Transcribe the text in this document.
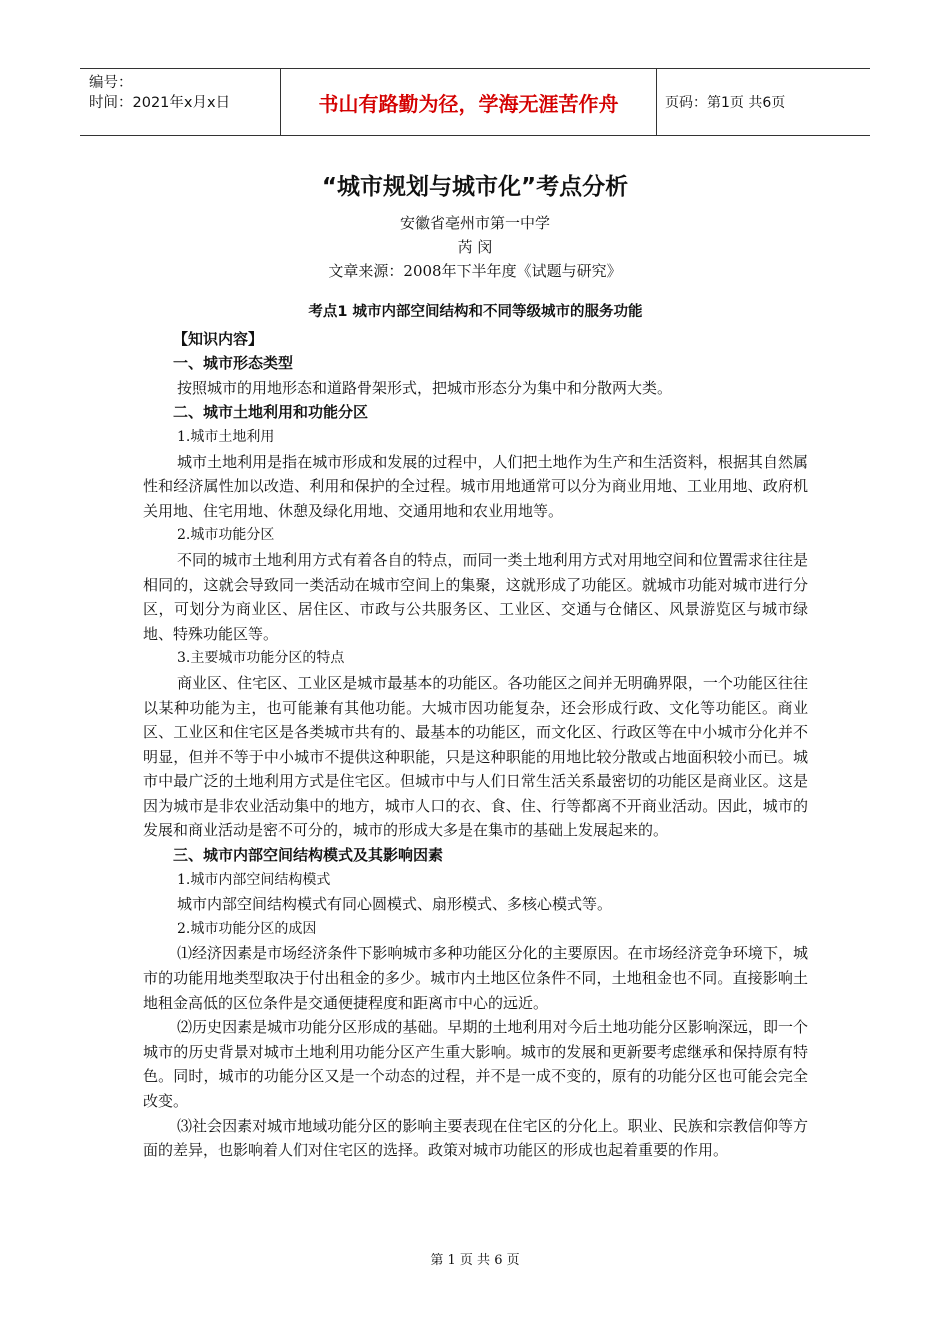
编号：
时间：2021年x月x日	书山有路勤为径，学海无涯苦作舟	页码：第1页 共6页
“城市规划与城市化”考点分析
安徽省亳州市第一中学
芮 闵
文章来源：2008年下半年度《试题与研究》
考点1 城市内部空间结构和不同等级城市的服务功能
【知识内容】
一、城市形态类型
按照城市的用地形态和道路骨架形式，把城市形态分为集中和分散两大类。
二、城市土地利用和功能分区
1.城市土地利用
城市土地利用是指在城市形成和发展的过程中，人们把土地作为生产和生活资料，根据其自然属性和经济属性加以改造、利用和保护的全过程。城市用地通常可以分为商业用地、工业用地、政府机关用地、住宅用地、休憩及绿化用地、交通用地和农业用地等。
2.城市功能分区
不同的城市土地利用方式有着各自的特点，而同一类土地利用方式对用地空间和位置需求往往是相同的，这就会导致同一类活动在城市空间上的集聚，这就形成了功能区。就城市功能对城市进行分区，可划分为商业区、居住区、市政与公共服务区、工业区、交通与仓储区、风景游览区与城市绿地、特殊功能区等。
3.主要城市功能分区的特点
商业区、住宅区、工业区是城市最基本的功能区。各功能区之间并无明确界限，一个功能区往往以某种功能为主，也可能兼有其他功能。大城市因功能复杂，还会形成行政、文化等功能区。商业区、工业区和住宅区是各类城市共有的、最基本的功能区，而文化区、行政区等在中小城市分化并不明显，但并不等于中小城市不提供这种职能，只是这种职能的用地比较分散或占地面积较小而已。城市中最广泛的土地利用方式是住宅区。但城市中与人们日常生活关系最密切的功能区是商业区。这是因为城市是非农业活动集中的地方，城市人口的衣、食、住、行等都离不开商业活动。因此，城市的发展和商业活动是密不可分的，城市的形成大多是在集市的基础上发展起来的。
三、城市内部空间结构模式及其影响因素
1.城市内部空间结构模式
城市内部空间结构模式有同心圆模式、扇形模式、多核心模式等。
2.城市功能分区的成因
⑴经济因素是市场经济条件下影响城市多种功能区分化的主要原因。在市场经济竞争环境下，城市的功能用地类型取决于付出租金的多少。城市内土地区位条件不同，土地租金也不同。直接影响土地租金高低的区位条件是交通便捷程度和距离市中心的远近。
⑵历史因素是城市功能分区形成的基础。早期的土地利用对今后土地功能分区影响深远，即一个城市的历史背景对城市土地利用功能分区产生重大影响。城市的发展和更新要考虑继承和保持原有特色。同时，城市的功能分区又是一个动态的过程，并不是一成不变的，原有的功能分区也可能会完全改变。
⑶社会因素对城市地域功能分区的影响主要表现在住宅区的分化上。职业、民族和宗教信仰等方面的差异，也影响着人们对住宅区的选择。政策对城市功能区的形成也起着重要的作用。
第 1 页 共 6 页
